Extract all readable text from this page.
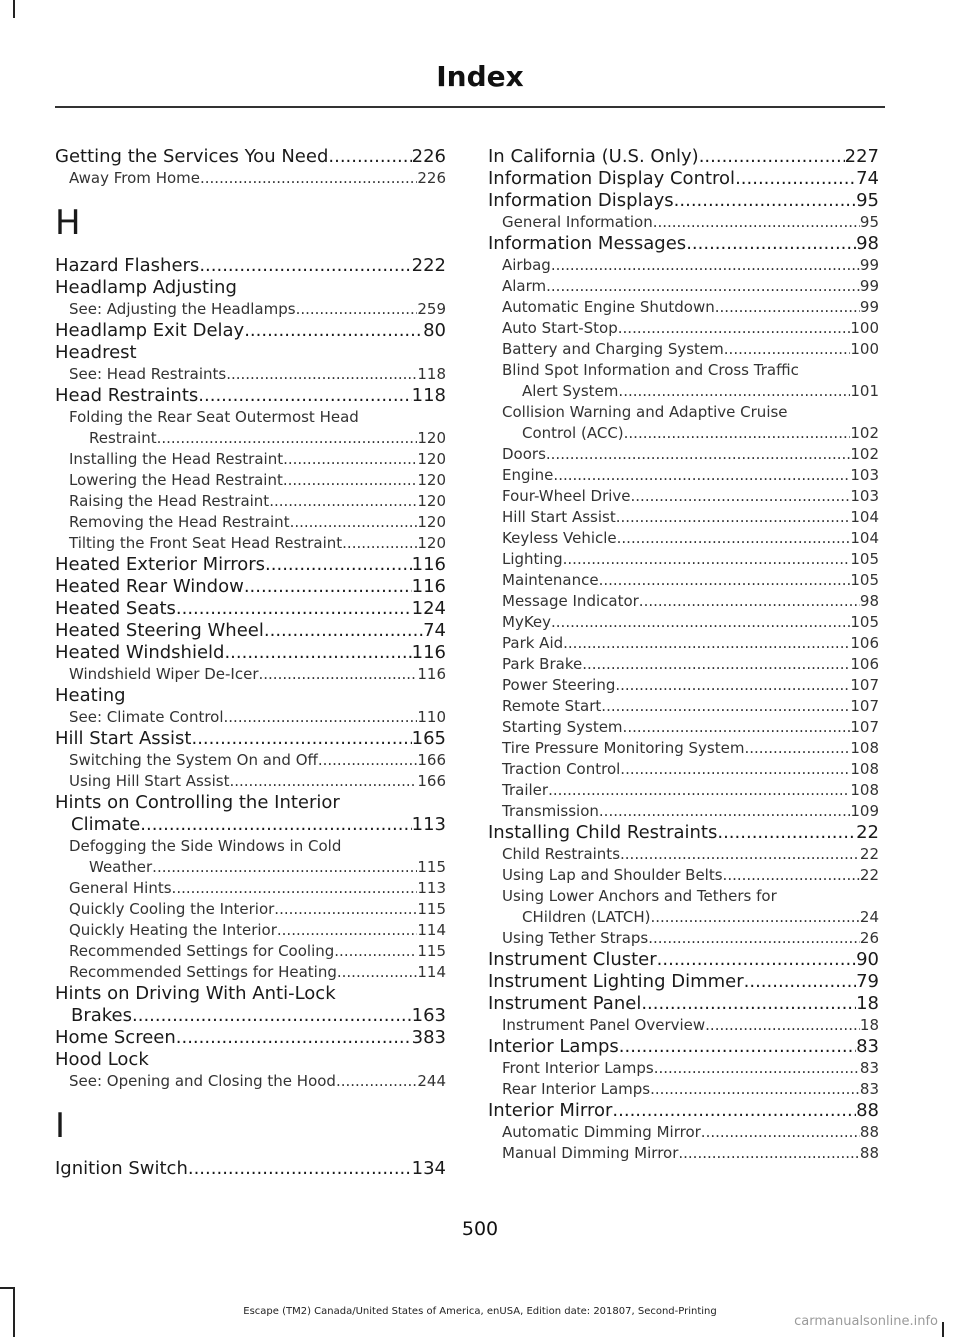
Index
Getting the Services You Need .....	226
Away From Home .....	226
H
Hazard Flashers .....	222
Headlamp Adjusting
See: Adjusting the Headlamps .....	259
Headlamp Exit Delay .....	80
Headrest
See: Head Restraints .....	118
Head Restraints .....	118
Folding the Rear Seat Outermost Head
Restraint .....	120
Installing the Head Restraint .....	120
Lowering the Head Restraint .....	120
Raising the Head Restraint .....	120
Removing the Head Restraint .....	120
Tilting the Front Seat Head Restraint .....	120
Heated Exterior Mirrors .....	116
Heated Rear Window .....	116
Heated Seats .....	124
Heated Steering Wheel .....	74
Heated Windshield .....	116
Windshield Wiper De-Icer .....	116
Heating
See: Climate Control .....	110
Hill Start Assist .....	165
Switching the System On and Off .....	166
Using Hill Start Assist .....	166
Hints on Controlling the Interior
Climate .....	113
Defogging the Side Windows in Cold
Weather .....	115
General Hints .....	113
Quickly Cooling the Interior .....	115
Quickly Heating the Interior .....	114
Recommended Settings for Cooling .....	115
Recommended Settings for Heating .....	114
Hints on Driving With Anti-Lock
Brakes .....	163
Home Screen .....	383
Hood Lock
See: Opening and Closing the Hood .....	244
I
Ignition Switch .....	134
In California (U.S. Only) .....	227
Information Display Control .....	74
Information Displays .....	95
General Information .....	95
Information Messages .....	98
Airbag .....	99
Alarm .....	99
Automatic Engine Shutdown .....	99
Auto Start-Stop .....	100
Battery and Charging System .....	100
Blind Spot Information and Cross Traffic
Alert System .....	101
Collision Warning and Adaptive Cruise
Control (ACC) .....	102
Doors .....	102
Engine .....	103
Four-Wheel Drive .....	103
Hill Start Assist .....	104
Keyless Vehicle .....	104
Lighting .....	105
Maintenance .....	105
Message Indicator .....	98
MyKey .....	105
Park Aid .....	106
Park Brake .....	106
Power Steering .....	107
Remote Start .....	107
Starting System .....	107
Tire Pressure Monitoring System .....	108
Traction Control .....	108
Trailer .....	108
Transmission .....	109
Installing Child Restraints .....	22
Child Restraints .....	22
Using Lap and Shoulder Belts .....	22
Using Lower Anchors and Tethers for
CHildren (LATCH) .....	24
Using Tether Straps .....	26
Instrument Cluster .....	90
Instrument Lighting Dimmer .....	79
Instrument Panel .....	18
Instrument Panel Overview .....	18
Interior Lamps .....	83
Front Interior Lamps .....	83
Rear Interior Lamps .....	83
Interior Mirror .....	88
Automatic Dimming Mirror .....	88
Manual Dimming Mirror .....	88
500
Escape (TM2) Canada/United States of America, enUSA, Edition date: 201807, Second-Printing
carmanualsonline.info
